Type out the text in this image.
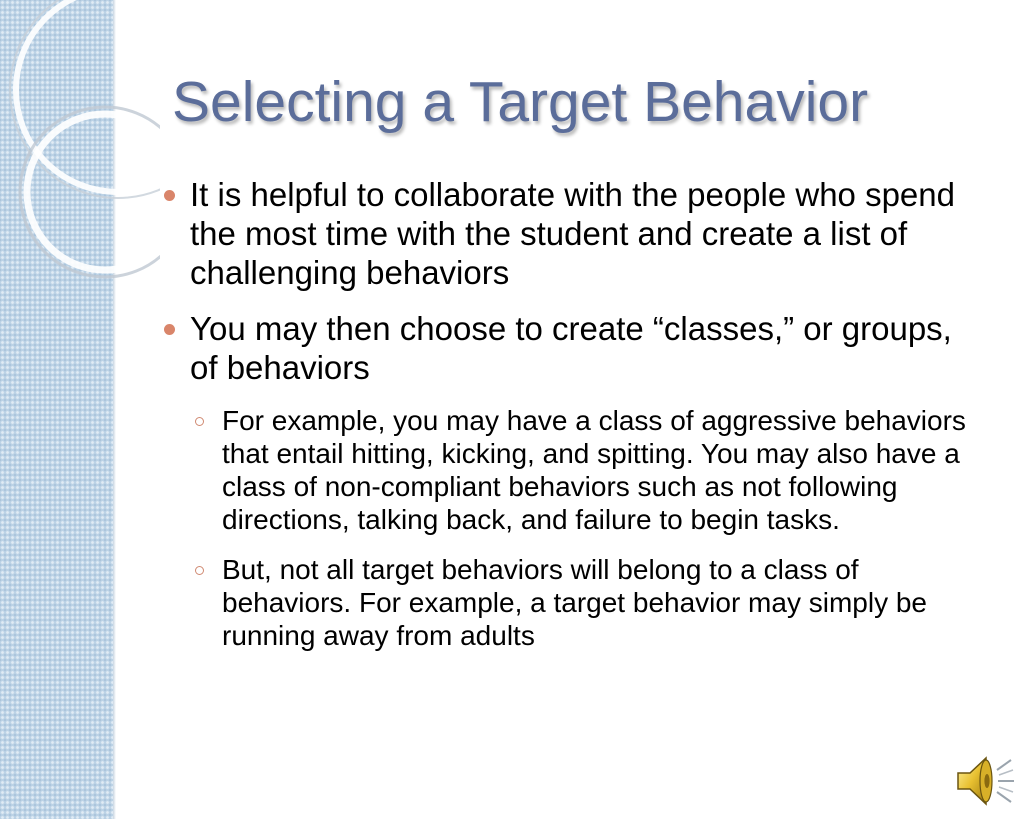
Selecting a Target Behavior
It is helpful to collaborate with the people who spend the most time with the student and create a list of challenging behaviors
You may then choose to create “classes,” or groups, of behaviors
For example, you may have a class of aggressive behaviors that entail hitting, kicking, and spitting. You may also have a class of non-compliant behaviors such as not following directions, talking back, and failure to begin tasks.
But, not all target behaviors will belong to a class of behaviors. For example, a target behavior may simply be running away from adults
